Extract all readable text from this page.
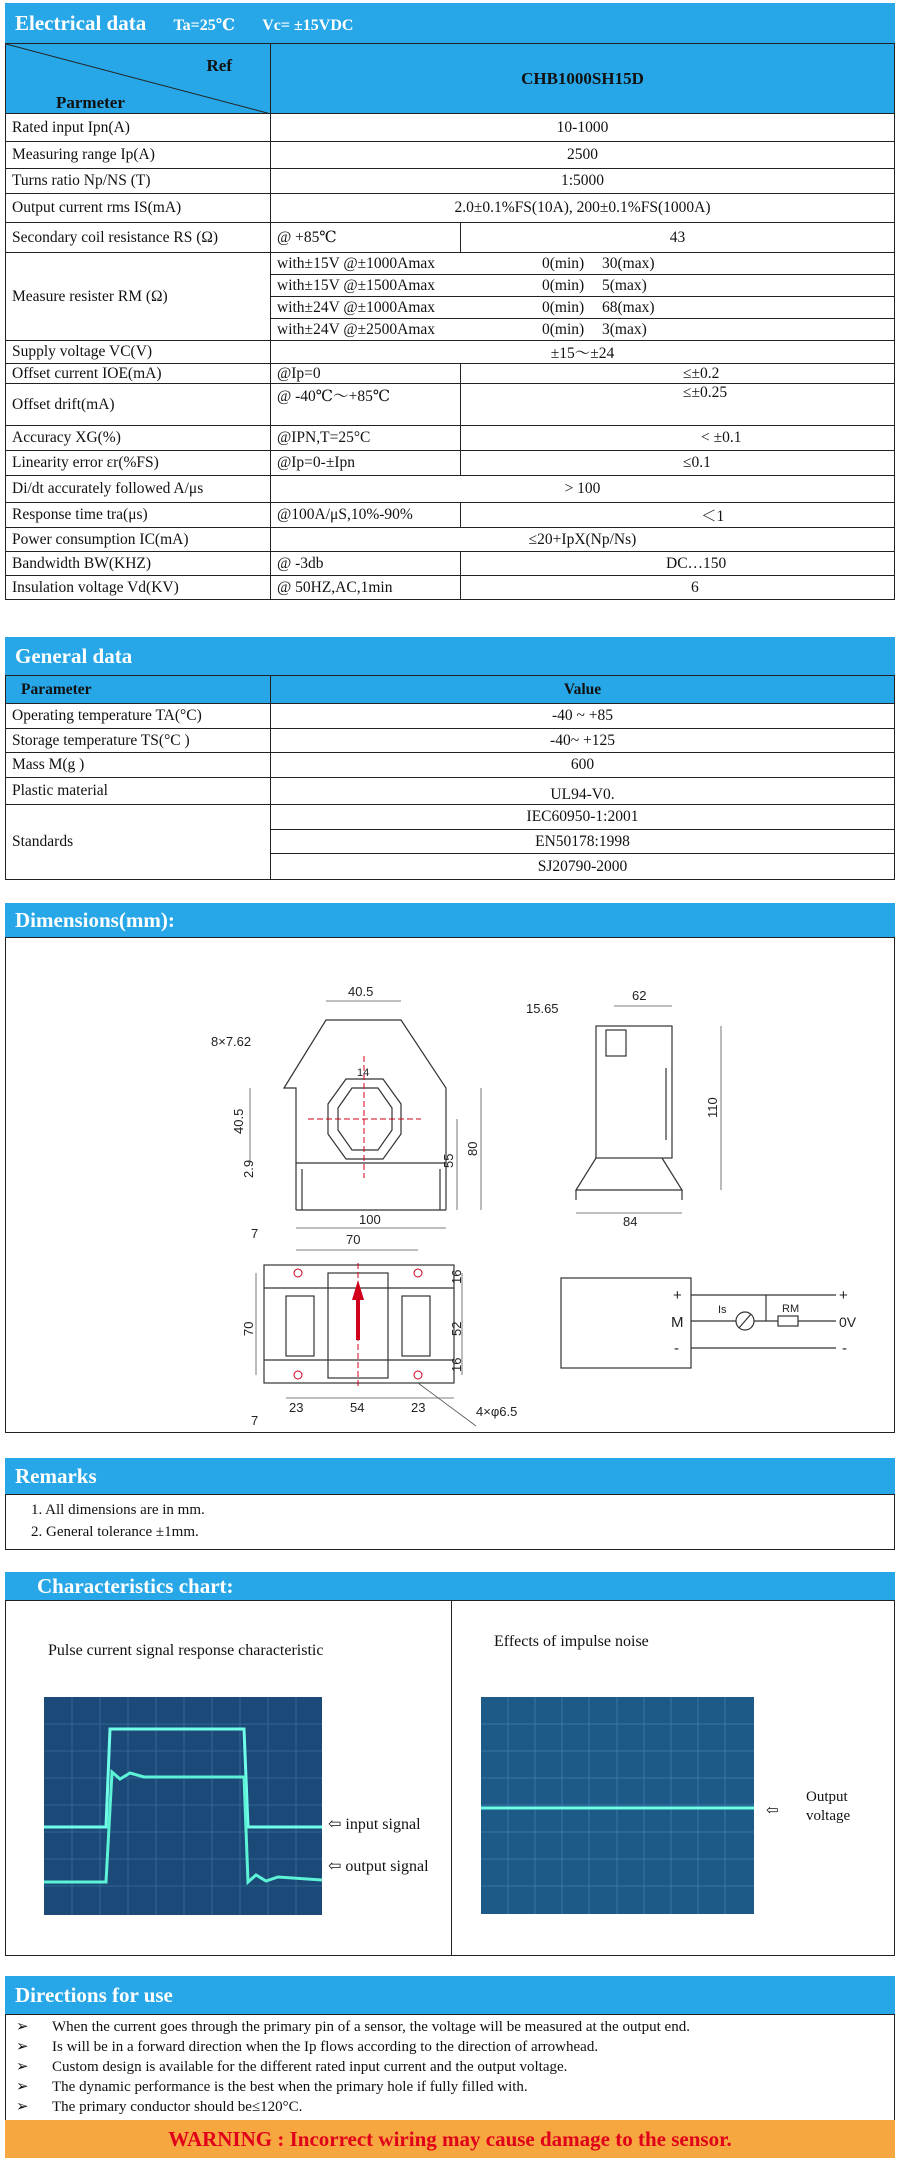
Electrical data Ta=25℃ Vc= ±15VDC
Ref
Parmeter	CHB1000SH15D	
Rated input Ipn(A)	10-1000	
Measuring range Ip(A)	2500	
Turns ratio Np/NS (T)	1:5000	
Output current rms IS(mA)	2.0±0.1%FS(10A), 200±0.1%FS(1000A)	
Secondary coil resistance RS (Ω)	@ +85℃	43
Measure resister RM (Ω)	with±15V @±1000Amax 0(min) 30(max)
with±15V @±1500Amax 0(min) 5(max)
with±24V @±1000Amax 0(min) 68(max)
with±24V @±2500Amax 0(min) 3(max)	

Supply voltage VC(V)	±15～±24	
Offset current IOE(mA)	@Ip=0	≤±0.2
Offset drift(mA)	@ -40℃～+85℃	≤±0.25
Accuracy XG(%)	@IPN,T=25°C	< ±0.1
Linearity error εr(%FS)	@Ip=0-±Ipn	≤0.1
Di/dt accurately followed A/μs	> 100	
Response time tra(μs)	@100A/μS,10%-90%	＜1
Power consumption IC(mA)	≤20+IpX(Np/Ns)	
Bandwidth BW(KHZ)	@ -3db	DC…150
Insulation voltage Vd(KV)	@ 50HZ,AC,1min	6
General data
Parameter	Value
Operating temperature TA(°C)	-40 ~ +85
Storage temperature TS(°C )	-40~ +125
Mass M(g )	600
Plastic material	UL94-V0.
Standards	IEC60950-1:2001
	EN50178:1998
	SJ20790-2000
Dimensions(mm):
40.5
8×7.62
14
40.5
55
80
2.9
100
62
15.65
110
84
7	70
70
16
52
16
23	54	23
7
4×φ6.5
+
M
-
Is	RM
+
0V
-
Remarks
1. All dimensions are in mm.
2. General tolerance ±1mm.
Characteristics chart:
Pulse current signal response characteristic
Effects of impulse noise
⇦ input signal
⇦ output signal
⇦
Output
voltage
Directions for use
➢ When the current goes through the primary pin of a sensor, the voltage will be measured at the output end.
➢ Is will be in a forward direction when the Ip flows according to the direction of arrowhead.
➢ Custom design is available for the different rated input current and the output voltage.
➢ The dynamic performance is the best when the primary hole if fully filled with.
➢ The primary conductor should be≤120°C.
WARNING : Incorrect wiring may cause damage to the sensor.
